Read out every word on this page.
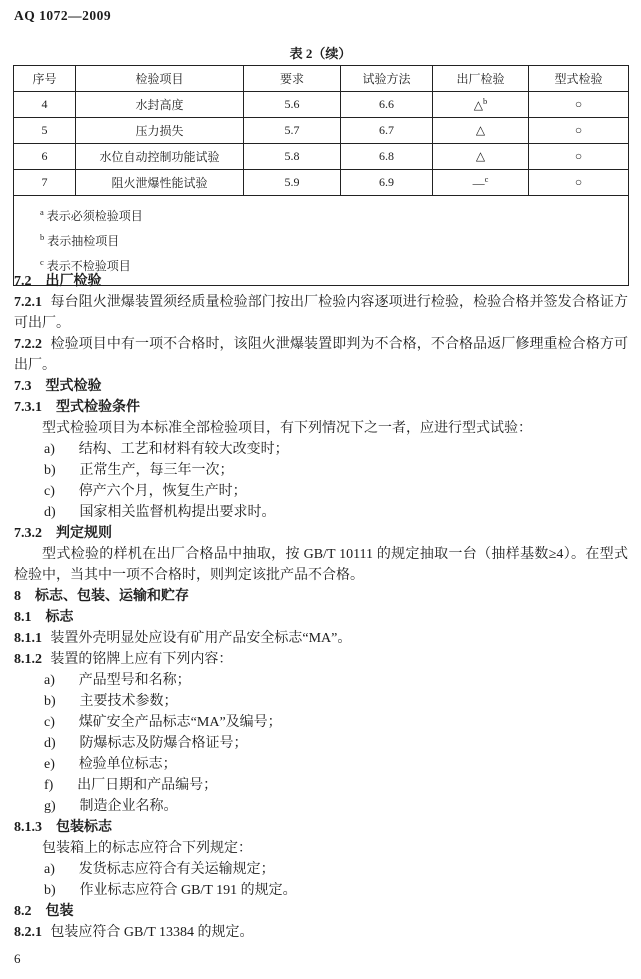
AQ 1072—2009
表 2（续）
序号	检验项目	要求	试验方法	出厂检验	型式检验
4	水封高度	5.6	6.6	△$^b$	○
5	压力损失	5.7	6.7	△	○
6	水位自动控制功能试验	5.8	6.8	△	○
7	阻火泄爆性能试验	5.9	6.9	—$^c$	○

$^a$ 表示必须检验项目
$^b$ 表示抽检项目
$^c$ 表示不检验项目					
7.2 出厂检验

7.2.1 每台阻火泄爆装置须经质量检验部门按出厂检验内容逐项进行检验，检验合格并签发合格证方可出厂。

7.2.2 检验项目中有一项不合格时，该阻火泄爆装置即判为不合格，不合格品返厂修理重检合格方可出厂。

7.3 型式检验
7.3.1 型式检验条件

型式检验项目为本标准全部检验项目，有下列情况下之一者，应进行型式试验：

a) 结构、工艺和材料有较大改变时；

b) 正常生产，每三年一次；

c) 停产六个月，恢复生产时；

d) 国家相关监督机构提出要求时。

7.3.2 判定规则

型式检验的样机在出厂合格品中抽取，按 GB/T 10111 的规定抽取一台（抽样基数≥4）。在型式检验中，当其中一项不合格时，则判定该批产品不合格。

8 标志、包装、运输和贮存
8.1 标志

8.1.1 装置外壳明显处应设有矿用产品安全标志“MA”。

8.1.2 装置的铭牌上应有下列内容：

a) 产品型号和名称；

b) 主要技术参数；

c) 煤矿安全产品标志“MA”及编号；

d) 防爆标志及防爆合格证号；

e) 检验单位标志；

f) 出厂日期和产品编号；

g) 制造企业名称。

8.1.3 包装标志

包装箱上的标志应符合下列规定：

a) 发货标志应符合有关运输规定；

b) 作业标志应符合 GB/T 191 的规定。

8.2 包装

8.2.1 包装应符合 GB/T 13384 的规定。

6
